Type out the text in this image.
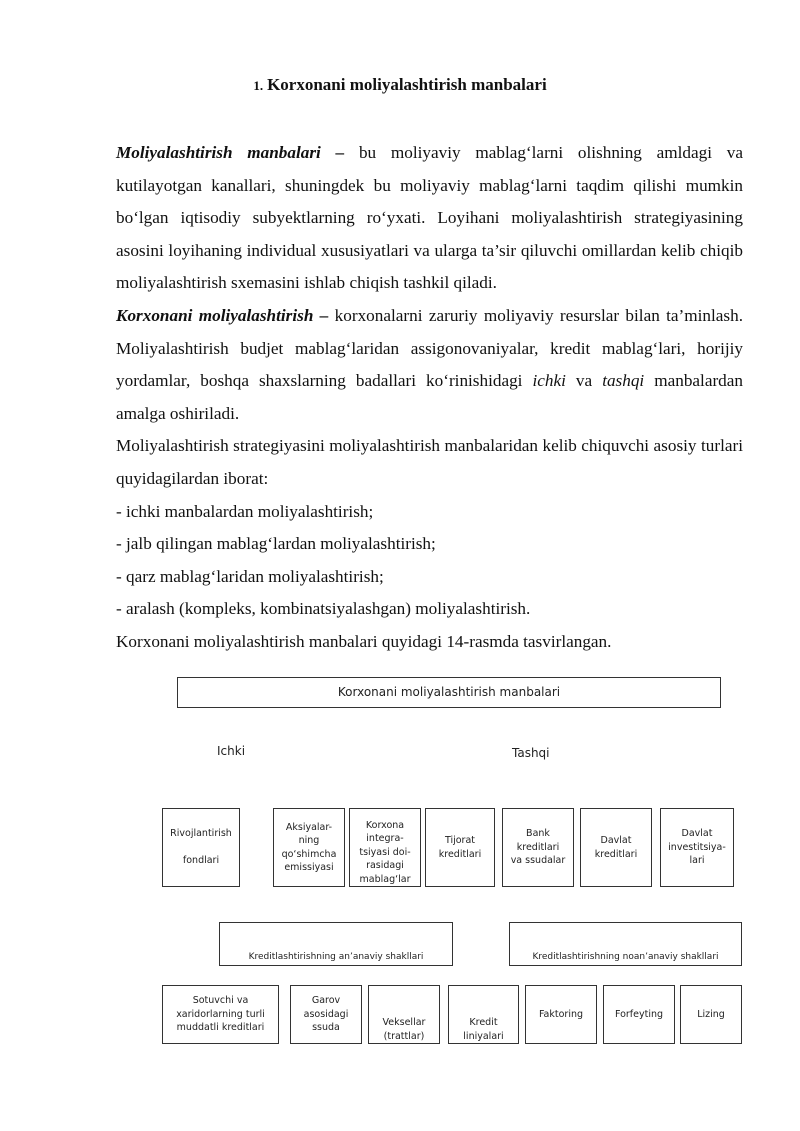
1. Korxonani moliyalashtirish manbalari

Moliyalashtirish manbalari – bu moliyaviy mablag‘larni olishning amldagi va kutilayotgan kanallari, shuningdek bu moliyaviy mablag‘larni taqdim qilishi mumkin bo‘lgan iqtisodiy subyektlarning ro‘yxati. Loyihani moliyalashtirish strategiyasining asosini loyihaning individual xususiyatlari va ularga ta’sir qiluvchi omillardan kelib chiqib moliyalashtirish sxemasini ishlab chiqish tashkil qiladi.

Korxonani moliyalashtirish – korxonalarni zaruriy moliyaviy resurslar bilan ta’minlash. Moliyalashtirish budjet mablag‘laridan assigonovaniyalar, kredit mablag‘lari, horijiy yordamlar, boshqa shaxslarning badallari ko‘rinishidagi ichki va tashqi manbalardan amalga oshiriladi.

Moliyalashtirish strategiyasini moliyalashtirish manbalaridan kelib chiquvchi asosiy turlari quyidagilardan iborat:

- ichki manbalardan moliyalashtirish;
- jalb qilingan mablag‘lardan moliyalashtirish;
- qarz mablag‘laridan moliyalashtirish;
- aralash (kompleks, kombinatsiyalashgan) moliyalashtirish.

Korxonani moliyalashtirish manbalari quyidagi 14-rasmda tasvirlangan.

Korxonani moliyalashtirish manbalari
Ichki	Tashqi
Rivojlantirish

fondlari
Aksiyalar-
ning
qo‘shimcha
emissiyasi
Korxona
integra-
tsiyasi doi-
rasidagi
mablag‘lar
Tijorat
kreditlari
Bank
kreditlari
va ssudalar
Davlat
kreditlari
Davlat
investitsiya-
lari
Kreditlashtirishning an’anaviy shakllari	Kreditlashtirishning noan’anaviy shakllari
Sotuvchi va
xaridorlarning turli
muddatli kreditlari
Garov
asosidagi
ssuda	Veksellar
(trattlar)
Kredit
liniyalari
Faktoring	Forfeyting	Lizing
